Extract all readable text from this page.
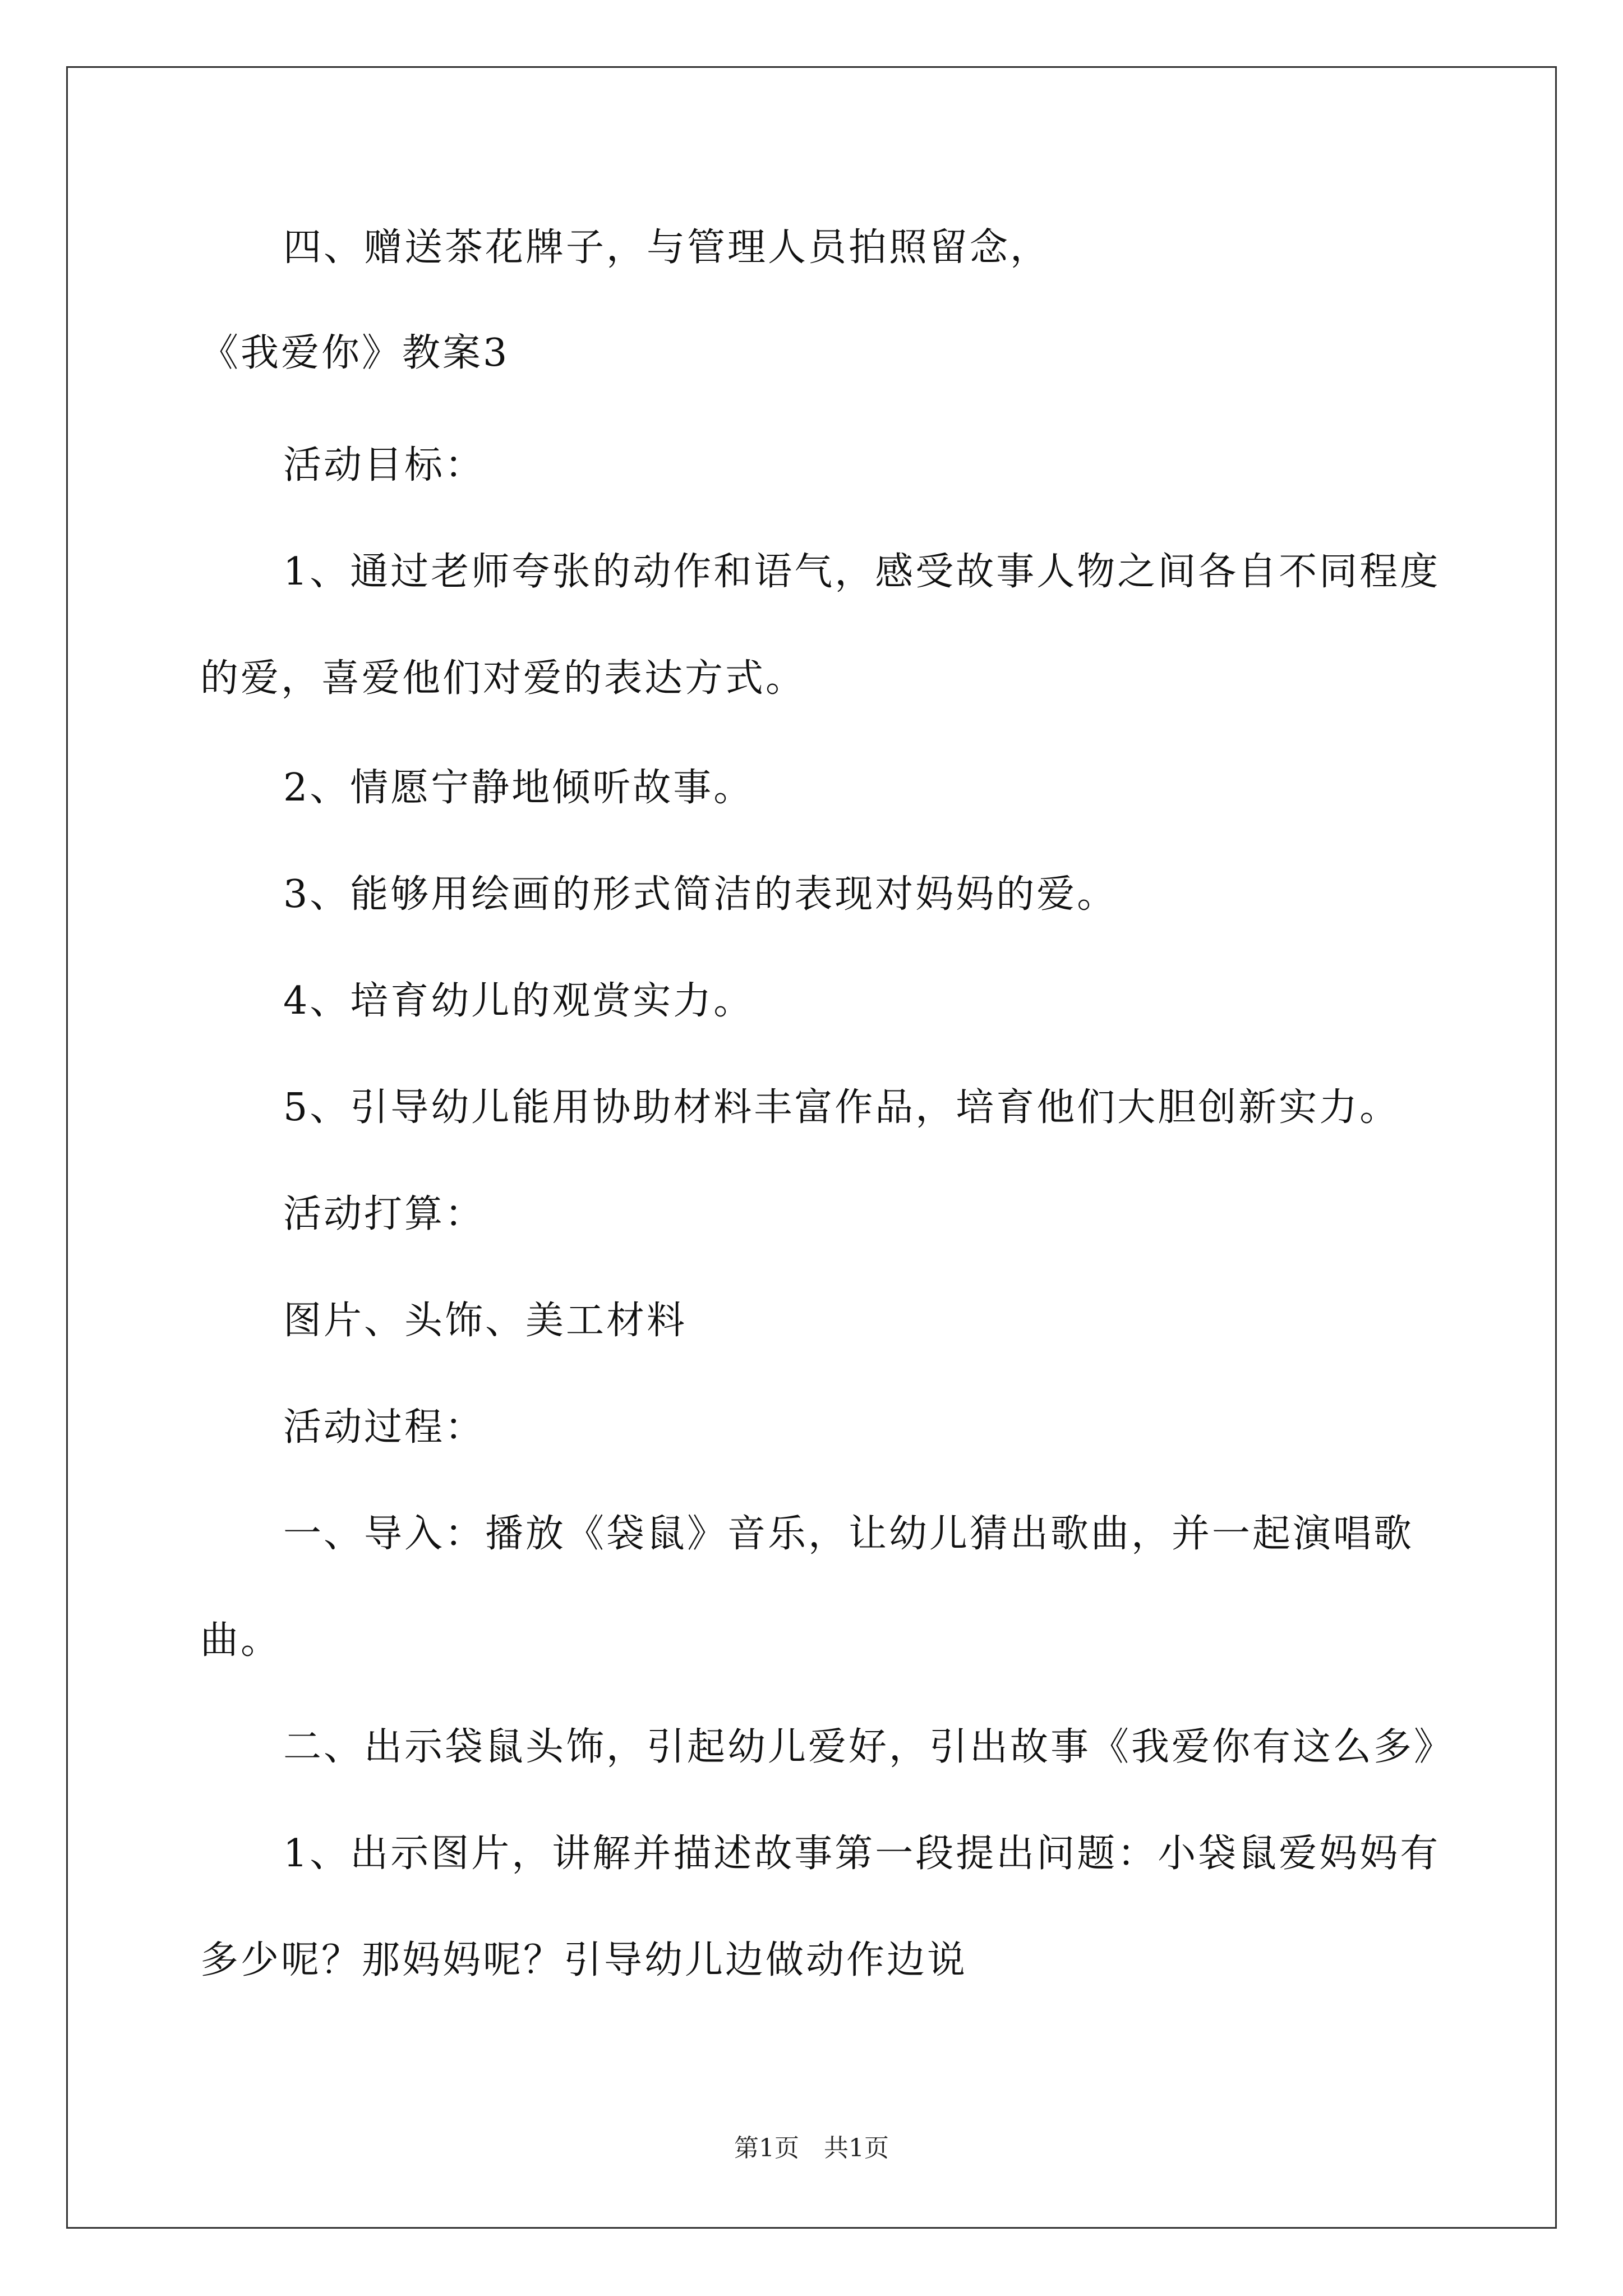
四、赠送茶花牌子，与管理人员拍照留念，
《我爱你》教案3
活动目标：
1、通过老师夸张的动作和语气，感受故事人物之间各自不同程度
的爱，喜爱他们对爱的表达方式。
2、情愿宁静地倾听故事。
3、能够用绘画的形式简洁的表现对妈妈的爱。
4、培育幼儿的观赏实力。
5、引导幼儿能用协助材料丰富作品，培育他们大胆创新实力。
活动打算：
图片、头饰、美工材料
活动过程：
一、导入：播放《袋鼠》音乐，让幼儿猜出歌曲，并一起演唱歌
曲。
二、出示袋鼠头饰，引起幼儿爱好，引出故事《我爱你有这么多》
1、出示图片，讲解并描述故事第一段提出问题：小袋鼠爱妈妈有
多少呢？那妈妈呢？引导幼儿边做动作边说
第1页　共1页
